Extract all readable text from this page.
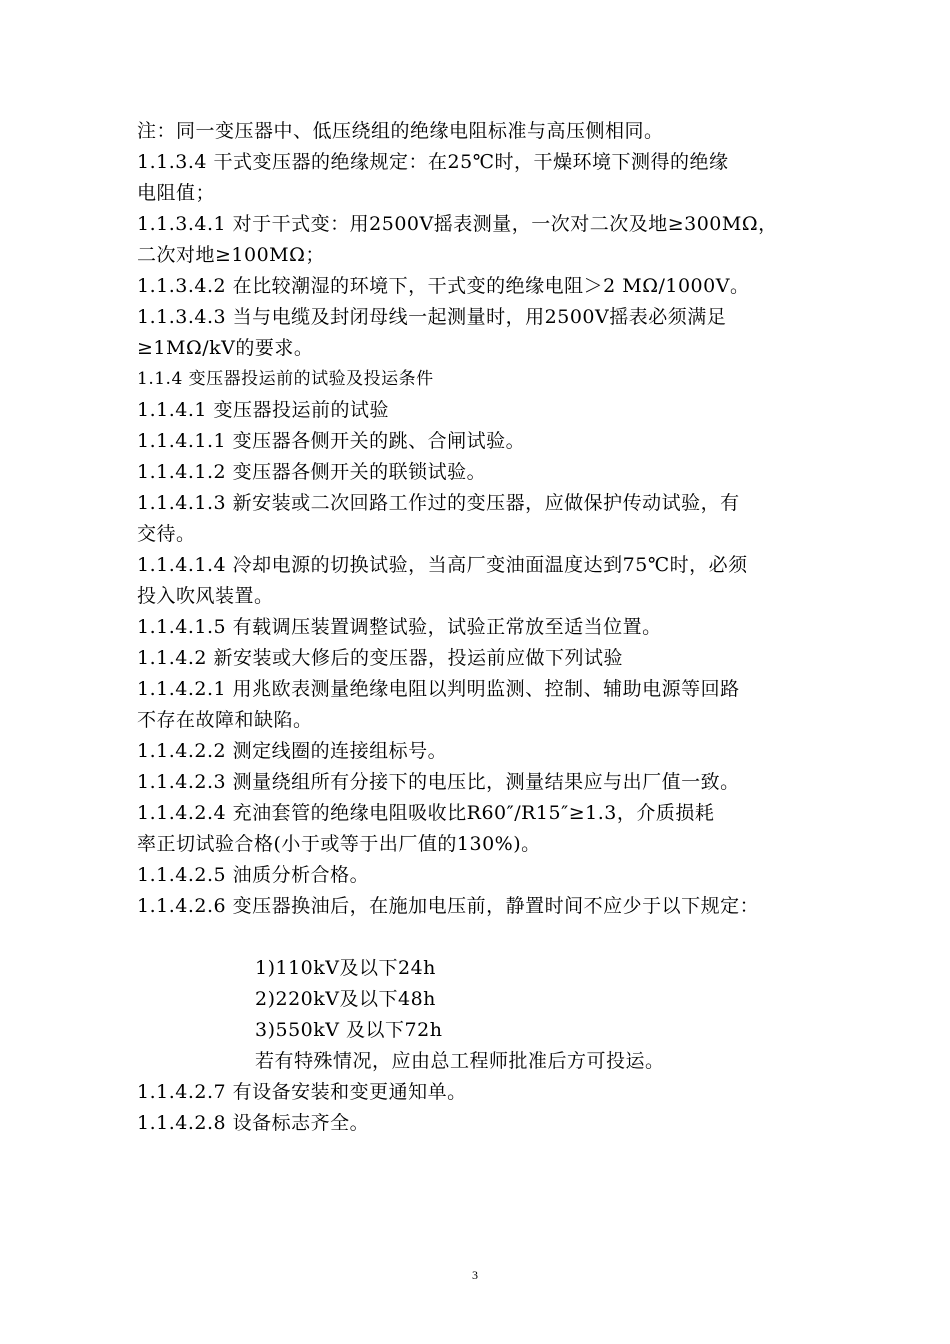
注：同一变压器中、低压绕组的绝缘电阻标准与高压侧相同。
1.1.3.4 干式变压器的绝缘规定：在25℃时，干燥环境下测得的绝缘
电阻值；
1.1.3.4.1 对于干式变：用2500V摇表测量，一次对二次及地≥300MΩ，
二次对地≥100MΩ；
1.1.3.4.2 在比较潮湿的环境下，干式变的绝缘电阻＞2 MΩ/1000V。
1.1.3.4.3 当与电缆及封闭母线一起测量时，用2500V摇表必须满足
≥1MΩ/kV的要求。
1.1.4 变压器投运前的试验及投运条件
1.1.4.1 变压器投运前的试验
1.1.4.1.1 变压器各侧开关的跳、合闸试验。
1.1.4.1.2 变压器各侧开关的联锁试验。
1.1.4.1.3 新安装或二次回路工作过的变压器，应做保护传动试验，有
交待。
1.1.4.1.4 冷却电源的切换试验，当高厂变油面温度达到75℃时，必须
投入吹风装置。
1.1.4.1.5 有载调压装置调整试验，试验正常放至适当位置。
1.1.4.2 新安装或大修后的变压器，投运前应做下列试验
1.1.4.2.1 用兆欧表测量绝缘电阻以判明监测、控制、辅助电源等回路
不存在故障和缺陷。
1.1.4.2.2 测定线圈的连接组标号。
1.1.4.2.3 测量绕组所有分接下的电压比，测量结果应与出厂值一致。
1.1.4.2.4 充油套管的绝缘电阻吸收比R60″/R15″≥1.3，介质损耗
率正切试验合格(小于或等于出厂值的130%)。
1.1.4.2.5 油质分析合格。
1.1.4.2.6 变压器换油后，在施加电压前，静置时间不应少于以下规定：
1)110kV及以下24h
2)220kV及以下48h
3)550kV 及以下72h
若有特殊情况，应由总工程师批准后方可投运。
1.1.4.2.7 有设备安装和变更通知单。
1.1.4.2.8 设备标志齐全。
3
